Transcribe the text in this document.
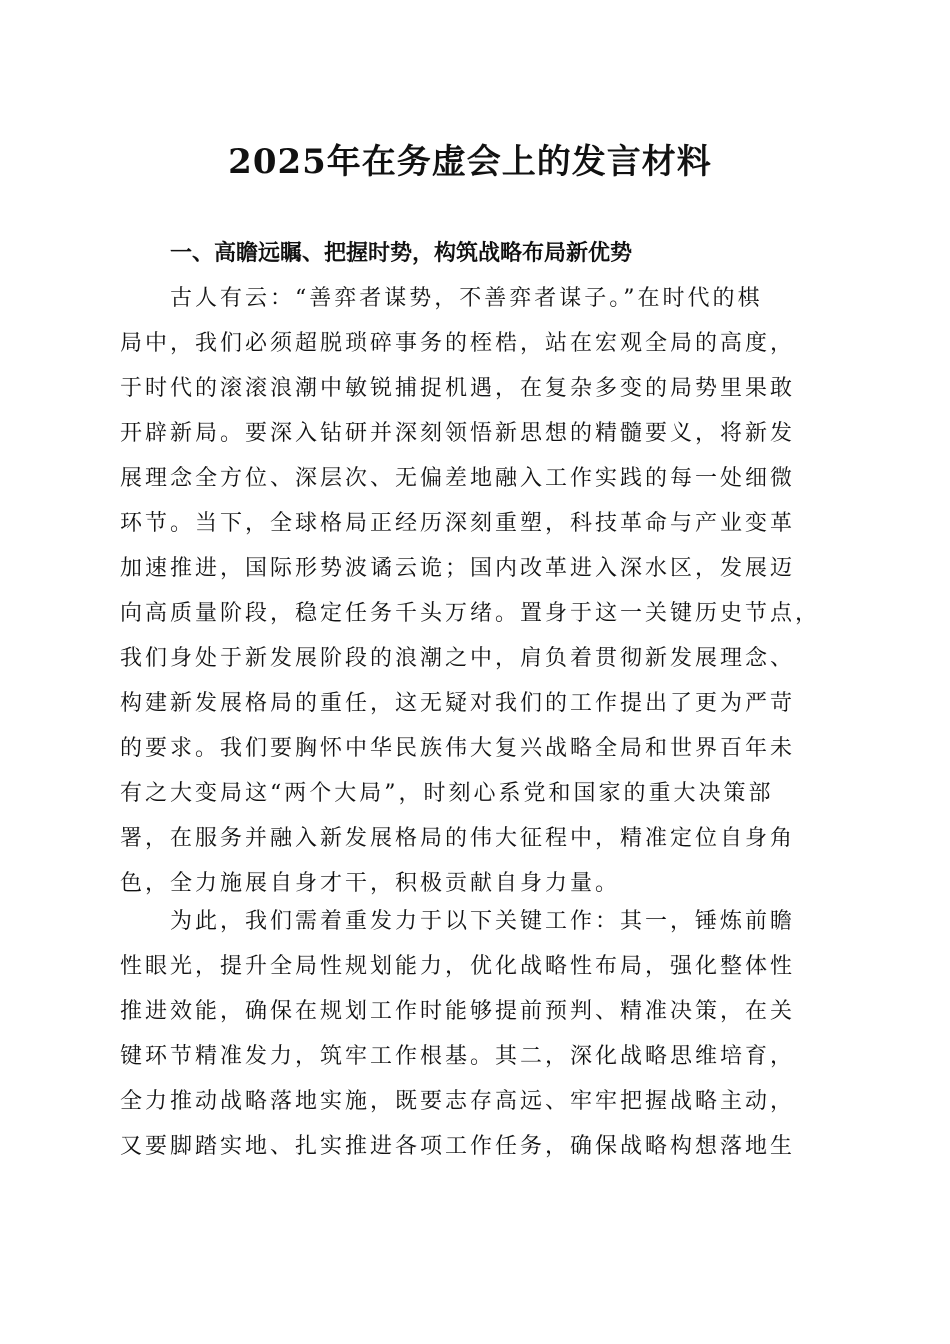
2025年在务虚会上的发言材料
一、高瞻远瞩、把握时势，构筑战略布局新优势
　　古人有云：“善弈者谋势，不善弈者谋子。”在时代的棋
局中，我们必须超脱琐碎事务的桎梏，站在宏观全局的高度，
于时代的滚滚浪潮中敏锐捕捉机遇，在复杂多变的局势里果敢
开辟新局。要深入钻研并深刻领悟新思想的精髓要义，将新发
展理念全方位、深层次、无偏差地融入工作实践的每一处细微
环节。当下，全球格局正经历深刻重塑，科技革命与产业变革
加速推进，国际形势波谲云诡；国内改革进入深水区，发展迈
向高质量阶段，稳定任务千头万绪。置身于这一关键历史节点，
我们身处于新发展阶段的浪潮之中，肩负着贯彻新发展理念、
构建新发展格局的重任，这无疑对我们的工作提出了更为严苛
的要求。我们要胸怀中华民族伟大复兴战略全局和世界百年未
有之大变局这“两个大局”，时刻心系党和国家的重大决策部
署，在服务并融入新发展格局的伟大征程中，精准定位自身角
色，全力施展自身才干，积极贡献自身力量。
　　为此，我们需着重发力于以下关键工作：其一，锤炼前瞻
性眼光，提升全局性规划能力，优化战略性布局，强化整体性
推进效能，确保在规划工作时能够提前预判、精准决策，在关
键环节精准发力，筑牢工作根基。其二，深化战略思维培育，
全力推动战略落地实施，既要志存高远、牢牢把握战略主动，
又要脚踏实地、扎实推进各项工作任务，确保战略构想落地生
